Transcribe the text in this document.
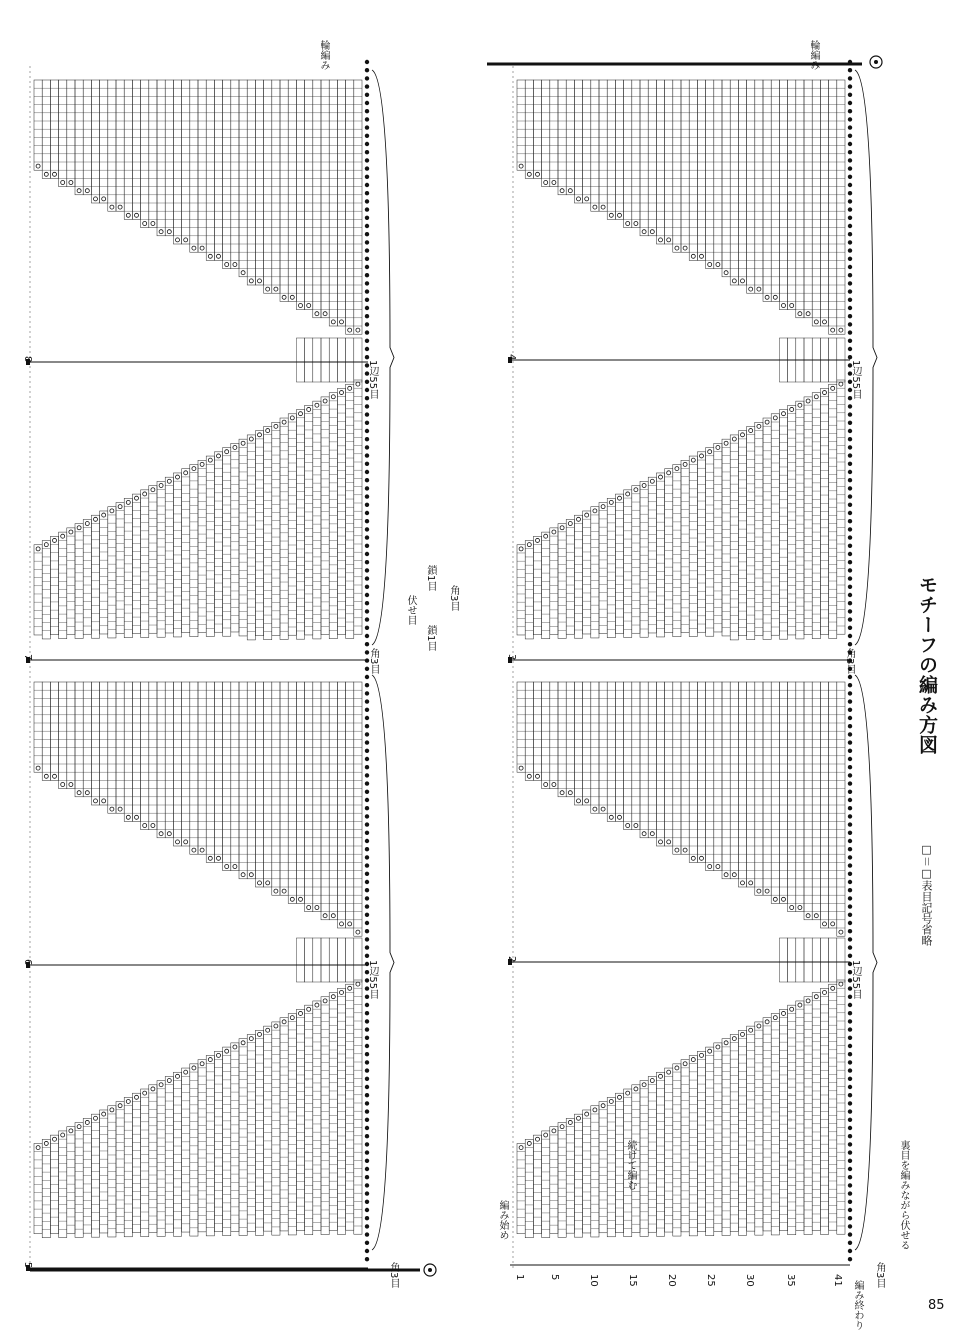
モチーフの編み方図
□＝□表目記号省略
85
1辺55目
1辺55目
1辺55目
1辺55目
角3目
角3目
角3目
角3目
編み終わり
編み始め
続けて編む	裏目を編みながら伏せる
輪編み
輪編み
角3目
鎖1目
鎖1目
伏せ目
1 5	10	15	20	25	30	35	41
2
3
4
5
6
7
8
